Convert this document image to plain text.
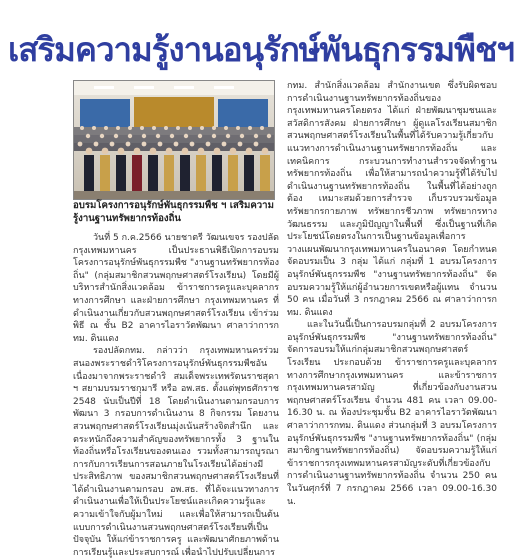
เสริมความรู้งานอนุรักษ์พันธุกรรมพืชฯ
อบรมโครงการอนุรักษ์พันธุกรรมพืช ฯ เสริมความรู้งานฐานทรัพยากรท้องถิ่น

วันที่ 5 ก.ค.2566 นายชาตรี วัฒนเขจร รองปลัดกรุงเทพมหานคร เป็นประธานพิธีเปิดการอบรมโครงการอนุรักษ์พันธุกรรมพืช "งานฐานทรัพยากรท้องถิ่น" (กลุ่มสมาชิกสวนพฤกษศาสตร์โรงเรียน) โดยมีผู้บริหารสำนักสิ่งแวดล้อม ข้าราชการครูและบุคลากรทางการศึกษา และฝ่ายการศึกษา กรุงเทพมหานคร ที่ดำเนินงานเกี่ยวกับสวนพฤกษศาสตร์โรงเรียน เข้าร่วมพิธี ณ ชั้น B2 อาคารไอราวัตพัฒนา ศาลาว่าการกทม. ดินแดง

รองปลัดกทม. กล่าวว่า กรุงเทพมหานครร่วมสนองพระราชดำริโครงการอนุรักษ์พันธุกรรมพืชอันเนื่องมาจากพระราชดำริ สมเด็จพระเทพรัตนราชสุดา ฯ สยามบรมราชกุมารี หรือ อพ.สธ. ตั้งแต่พุทธศักราช 2548 นับเป็นปีที่ 18 โดยดำเนินงานตามกรอบการพัฒนา 3 กรอบการดำเนินงาน 8 กิจกรรม โดยงานสวนพฤกษศาสตร์โรงเรียนมุ่งเน้นสร้างจิตสำนึก และตระหนักถึงความสำคัญของทรัพยากรทั้ง 3 ฐานในท้องถิ่นหรือโรงเรียนของตนเอง รวมทั้งสามารถบูรณาการกับการเรียนการสอนภายในโรงเรียนได้อย่างมีประสิทธิภาพ ของสมาชิกสวนพฤกษศาสตร์โรงเรียนที่ได้ดำเนินงานตามกรอบ อพ.สธ. ที่ได้จะแนวทางการดำเนินงานเพื่อให้เป็นประโยชน์และเกิดความรู้และความเข้าใจกับผู้มาใหม่ และเพื่อให้สามารถเป็นต้นแบบการดำเนินงานสวนพฤกษศาสตร์โรงเรียนที่เป็นปัจจุบัน ให้แก่ข้าราชการครู และพัฒนาศักยภาพด้านการเรียนรู้และประสบการณ์ เพื่อนำไปปรับเปลี่ยนการ

กทม. สำนักสิ่งแวดล้อม สำนักงานเขต ซึ่งรับผิดชอบการดำเนินงานฐานทรัพยากรท้องถิ่นของกรุงเทพมหานครโดยตรง ได้แก่ ฝ่ายพัฒนาชุมชนและสวัสดิการสังคม ฝ่ายการศึกษา ผู้ดูแลโรงเรียนสมาชิกสวนพฤกษศาสตร์โรงเรียนในพื้นที่ได้รับความรู้เกี่ยวกับแนวทางการดำเนินงานฐานทรัพยากรท้องถิ่น และเทคนิคการ กระบวนการทำงานสำรวจจัดทำฐานทรัพยากรท้องถิ่น เพื่อให้สามารถนำความรู้ที่ได้รับไปดำเนินงานฐานทรัพยากรท้องถิ่น ในพื้นที่ได้อย่างถูกต้อง เหมาะสมด้วยการสำรวจ เก็บรวบรวมข้อมูลทรัพยากรกายภาพ ทรัพยากรชีวภาพ ทรัพยากรทางวัฒนธรรม และภูมิปัญญาในพื้นที่ ซึ่งเป็นฐานที่เกิดประโยชน์โดยตรงในการเป็นฐานข้อมูลเพื่อการวางแผนพัฒนากรุงเทพมหานครในอนาคต โดยกำหนดจัดอบรมเป็น 3 กลุ่ม ได้แก่ กลุ่มที่ 1 อบรมโครงการอนุรักษ์พันธุกรรมพืช "งานฐานทรัพยากรท้องถิ่น" จัดอบรมความรู้ให้แก่ผู้อำนวยการเขตหรือผู้แทน จำนวน 50 คน เมื่อวันที่ 3 กรกฎาคม 2566 ณ ศาลาว่าการกทม. ดินแดง

และในวันนี้เป็นการอบรมกลุ่มที่ 2 อบรมโครงการอนุรักษ์พันธุกรรมพืช "งานฐานทรัพยากรท้องถิ่น" จัดการอบรมให้แก่กลุ่มสมาชิกสวนพฤกษศาสตร์โรงเรียน ประกอบด้วย ข้าราชการครูและบุคลากรทางการศึกษากรุงเทพมหานคร และข้าราชการกรุงเทพมหานครสามัญ ที่เกี่ยวข้องกับงานสวนพฤกษศาสตร์โรงเรียน จำนวน 481 คน เวลา 09.00-16.30 น. ณ ห้องประชุมชั้น B2 อาคารไอราวัตพัฒนา ศาลาว่าการกทม. ดินแดง ส่วนกลุ่มที่ 3 อบรมโครงการอนุรักษ์พันธุกรรมพืช "งานฐานทรัพยากรท้องถิ่น" (กลุ่มสมาชิกฐานทรัพยากรท้องถิ่น) จัดอบรมความรู้ให้แก่ข้าราชการกรุงเทพมหานครสามัญระดับที่เกี่ยวข้องกับการดำเนินงานฐานทรัพยากรท้องถิ่น จำนวน 250 คน ในวันศุกร์ที่ 7 กรกฎาคม 2566 เวลา 09.00-16.30 น.
